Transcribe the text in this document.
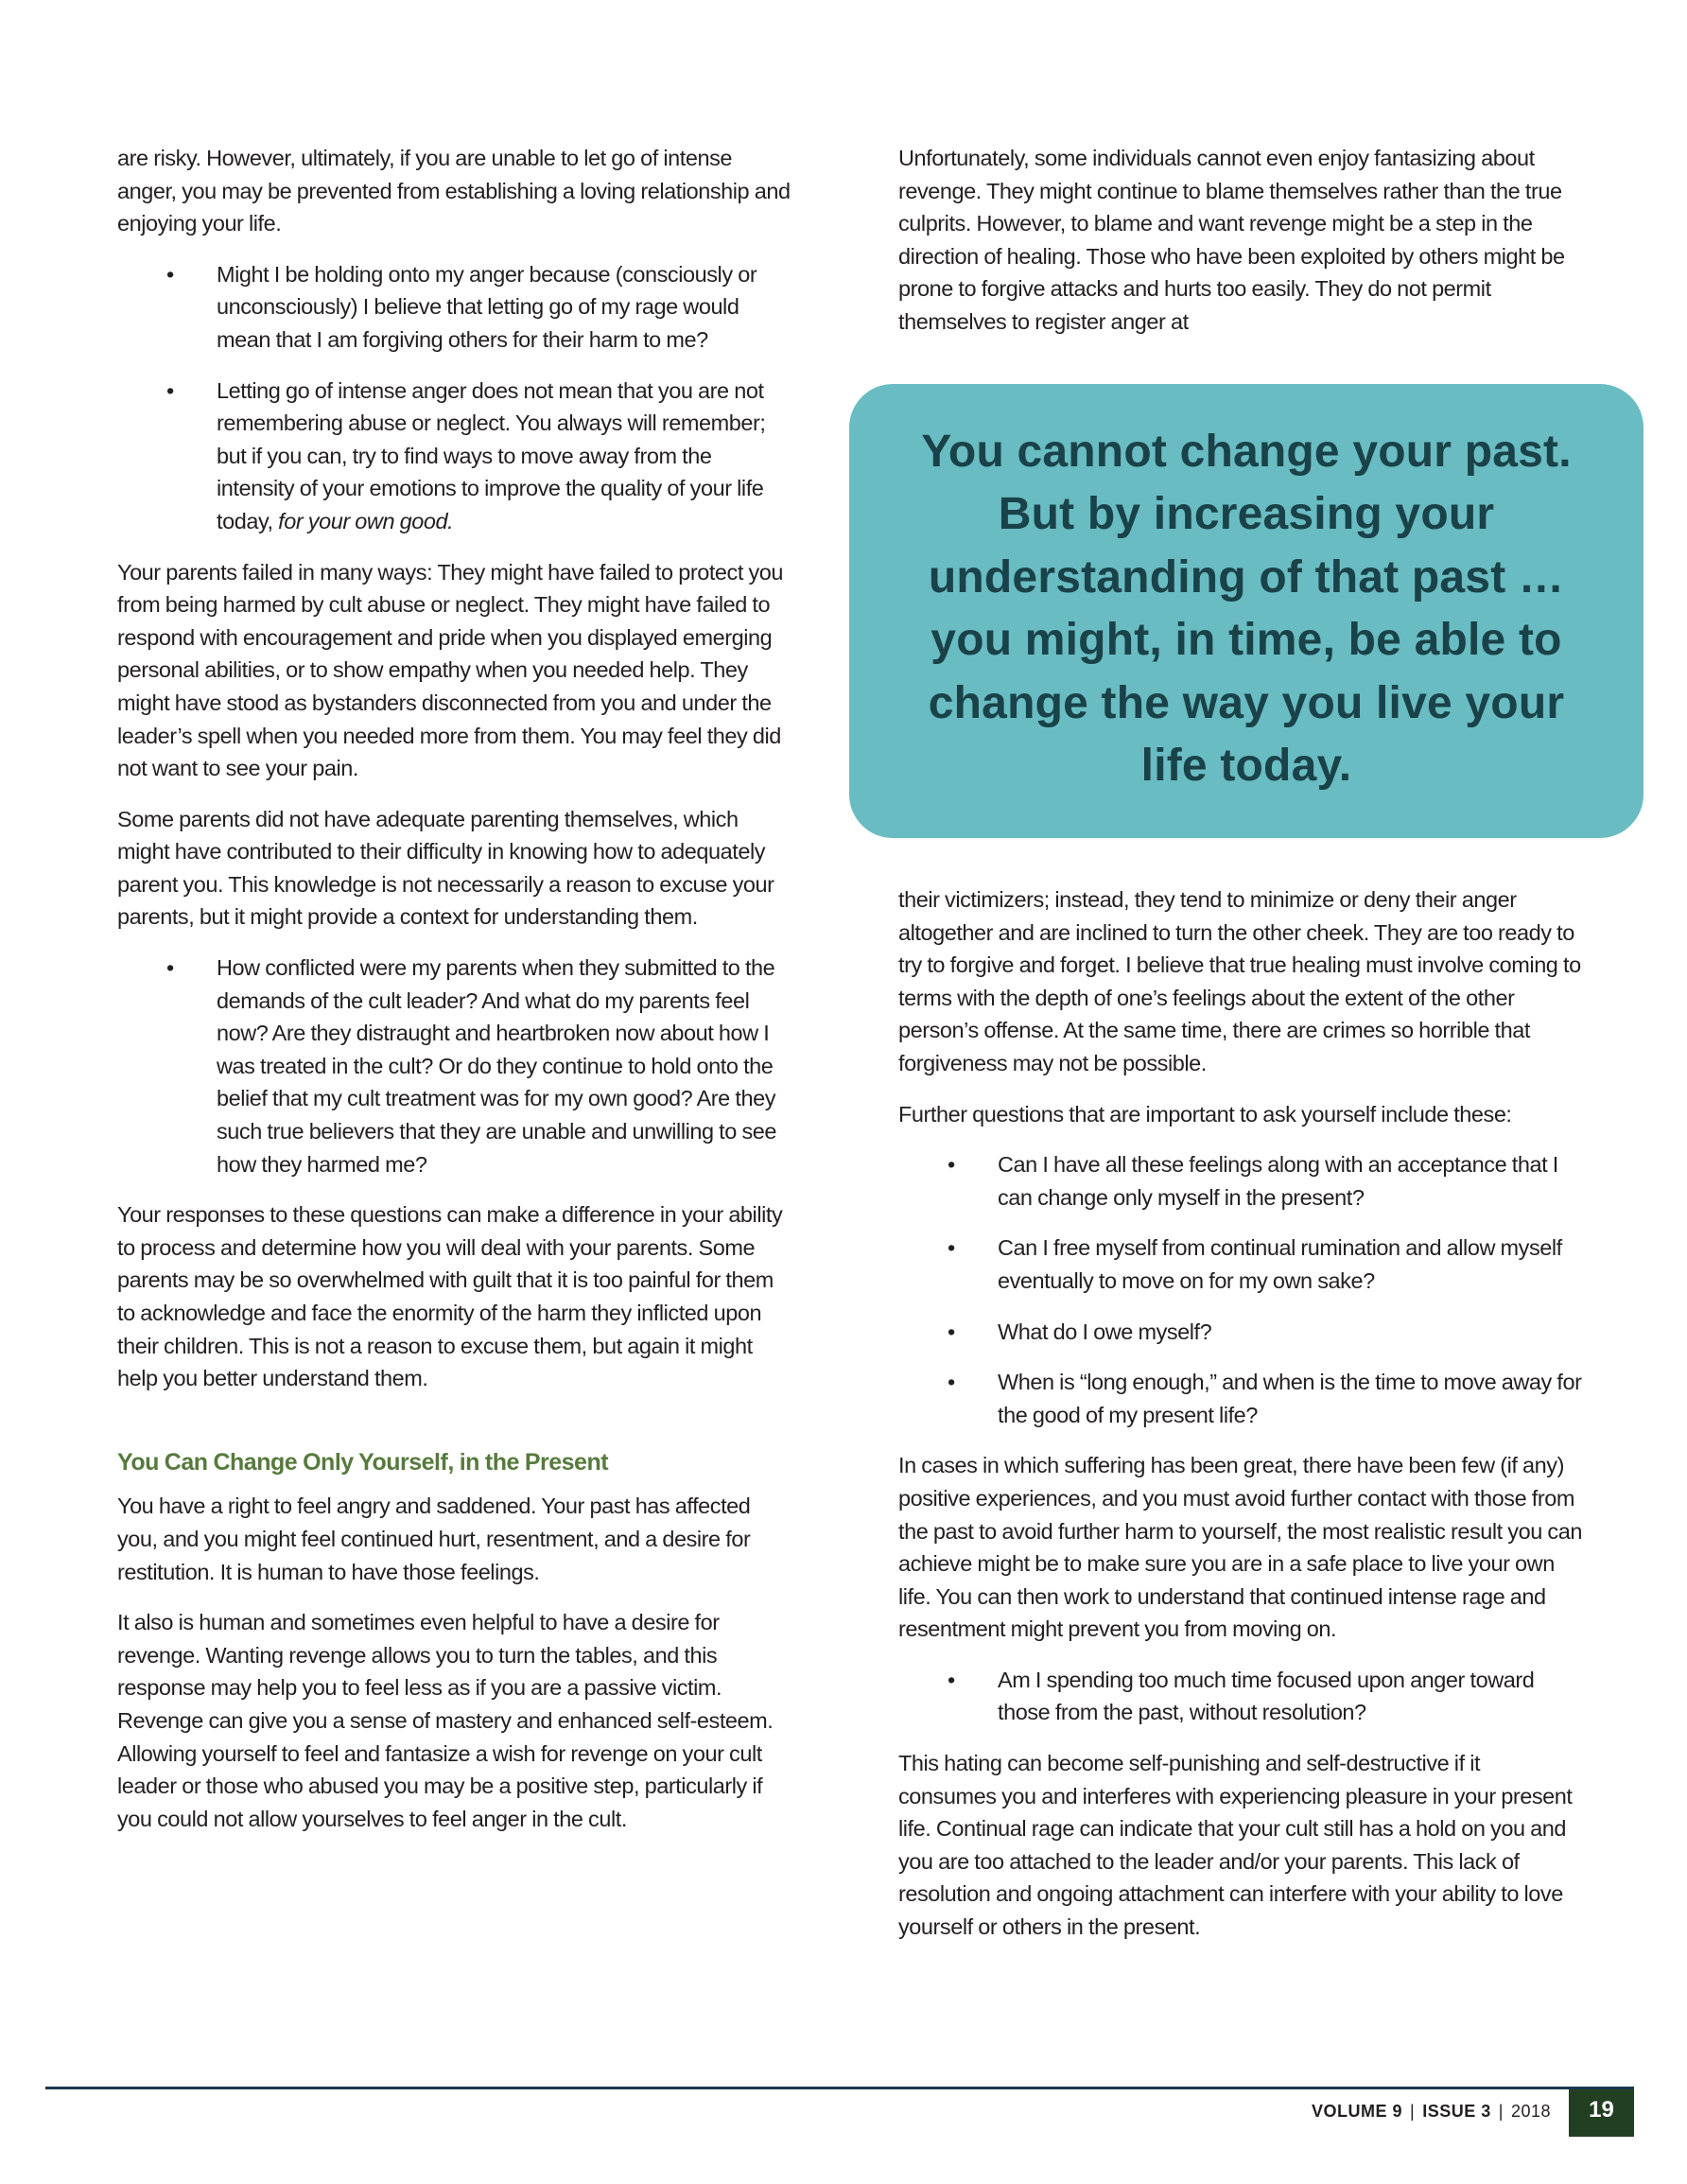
are risky. However, ultimately, if you are unable to let go of intense anger, you may be prevented from establishing a loving relationship and enjoying your life.

• Might I be holding onto my anger because (consciously or unconsciously) I believe that letting go of my rage would mean that I am forgiving others for their harm to me?
• Letting go of intense anger does not mean that you are not remembering abuse or neglect. You always will remember; but if you can, try to find ways to move away from the intensity of your emotions to improve the quality of your life today, for your own good.

Your parents failed in many ways: They might have failed to protect you from being harmed by cult abuse or neglect. They might have failed to respond with encouragement and pride when you displayed emerging personal abilities, or to show empathy when you needed help. They might have stood as bystanders disconnected from you and under the leader’s spell when you needed more from them. You may feel they did not want to see your pain.

Some parents did not have adequate parenting themselves, which might have contributed to their difficulty in knowing how to adequately parent you. This knowledge is not necessarily a reason to excuse your parents, but it might provide a context for understanding them.

• How conflicted were my parents when they submitted to the demands of the cult leader? And what do my parents feel now? Are they distraught and heartbroken now about how I was treated in the cult? Or do they continue to hold onto the belief that my cult treatment was for my own good? Are they such true believers that they are unable and unwilling to see how they harmed me?

Your responses to these questions can make a difference in your ability to process and determine how you will deal with your parents. Some parents may be so overwhelmed with guilt that it is too painful for them to acknowledge and face the enormity of the harm they inflicted upon their children. This is not a reason to excuse them, but again it might help you better understand them.

You Can Change Only Yourself, in the Present

You have a right to feel angry and saddened. Your past has affected you, and you might feel continued hurt, resentment, and a desire for restitution. It is human to have those feelings.

It also is human and sometimes even helpful to have a desire for revenge. Wanting revenge allows you to turn the tables, and this response may help you to feel less as if you are a passive victim. Revenge can give you a sense of mastery and enhanced self-esteem. Allowing yourself to feel and fantasize a wish for revenge on your cult leader or those who abused you may be a positive step, particularly if you could not allow yourselves to feel anger in the cult.

Unfortunately, some individuals cannot even enjoy fantasizing about revenge. They might continue to blame themselves rather than the true culprits. However, to blame and want revenge might be a step in the direction of healing. Those who have been exploited by others might be prone to forgive attacks and hurts too easily. They do not permit themselves to register anger at

You cannot change your past. But by increasing your understanding of that past … you might, in time, be able to change the way you live your life today.

their victimizers; instead, they tend to minimize or deny their anger altogether and are inclined to turn the other cheek. They are too ready to try to forgive and forget. I believe that true healing must involve coming to terms with the depth of one’s feelings about the extent of the other person’s offense. At the same time, there are crimes so horrible that forgiveness may not be possible.

Further questions that are important to ask yourself include these:

• Can I have all these feelings along with an acceptance that I can change only myself in the present?
• Can I free myself from continual rumination and allow myself eventually to move on for my own sake?
• What do I owe myself?
• When is “long enough,” and when is the time to move away for the good of my present life?

In cases in which suffering has been great, there have been few (if any) positive experiences, and you must avoid further contact with those from the past to avoid further harm to yourself, the most realistic result you can achieve might be to make sure you are in a safe place to live your own life. You can then work to understand that continued intense rage and resentment might prevent you from moving on.

• Am I spending too much time focused upon anger toward those from the past, without resolution?

This hating can become self-punishing and self-destructive if it consumes you and interferes with experiencing pleasure in your present life. Continual rage can indicate that your cult still has a hold on you and you are too attached to the leader and/or your parents. This lack of resolution and ongoing attachment can interfere with your ability to love yourself or others in the present.

VOLUME 9 | ISSUE 3 | 2018	19
